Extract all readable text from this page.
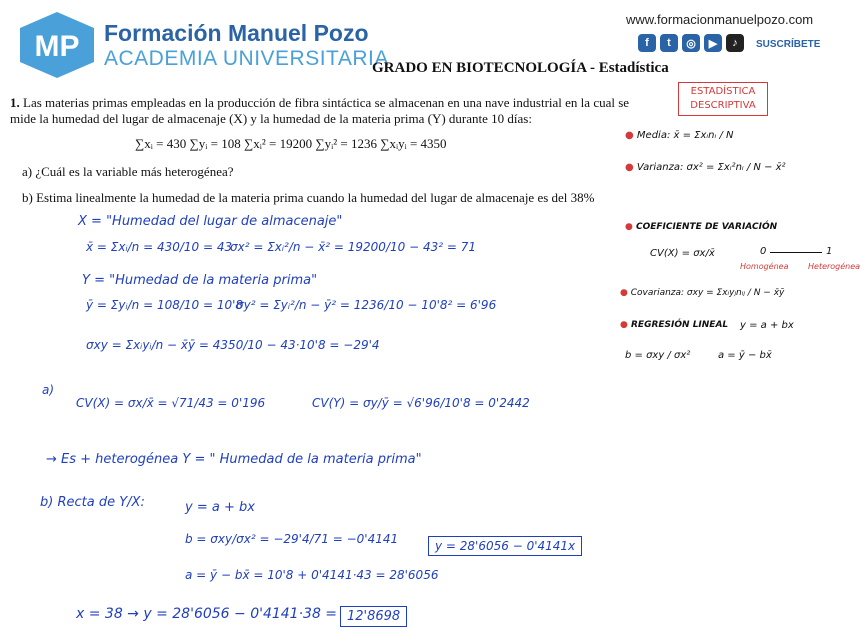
MP Formación Manuel Pozo
ACADEMIA UNIVERSITARIA
www.formacionmanuelpozo.com
f	t	◎	▶	♪	SUSCRÍBETE
GRADO EN BIOTECNOLOGÍA - Estadística
1. Las materias primas empleadas en la producción de fibra sintáctica se almacenan en una nave industrial en la cual se mide la humedad del lugar de almacenaje (X) y la humedad de la materia prima (Y) durante 10 días:
∑xᵢ = 430 ∑yᵢ = 108 ∑xᵢ² = 19200 ∑yᵢ² = 1236 ∑xᵢyᵢ = 4350
a) ¿Cuál es la variable más heterogénea?
b) Estima linealmente la humedad de la materia prima cuando la humedad del lugar de almacenaje es del 38%
X = "Humedad del lugar de almacenaje"
x̄ = Σxᵢ/n = 430/10 = 43
σx² = Σxᵢ²/n − x̄² = 19200/10 − 43² = 71
Y = "Humedad de la materia prima"
ȳ = Σyᵢ/n = 108/10 = 10'8
σy² = Σyᵢ²/n − ȳ² = 1236/10 − 10'8² = 6'96
σxy = Σxᵢyᵢ/n − x̄ȳ = 4350/10 − 43·10'8 = −29'4
a)
CV(X) = σx/x̄ = √71/43 = 0'196	CV(Y) = σy/ȳ = √6'96/10'8 = 0'2442
→ Es + heterogénea Y = " Humedad de la materia prima"
b) Recta de Y/X:	y = a + bx
b = σxy/σx² = −29'4/71 = −0'4141	y = 28'6056 − 0'4141x
a = ȳ − bx̄ = 10'8 + 0'4141·43 = 28'6056
x = 38 → y = 28'6056 − 0'4141·38 = 12'8698
ESTADÍSTICA
DESCRIPTIVA
● Media: x̄ = Σxᵢnᵢ / N
● Varianza: σx² = Σxᵢ²nᵢ / N − x̄²
● COEFICIENTE DE VARIACIÓN
CV(X) = σx/x̄	0	1
Homogénea Heterogénea
● Covarianza: σxy = Σxᵢyⱼnᵢⱼ / N − x̄ȳ
● REGRESIÓN LINEAL y = a + bx
b = σxy / σx²	a = ȳ − bx̄
